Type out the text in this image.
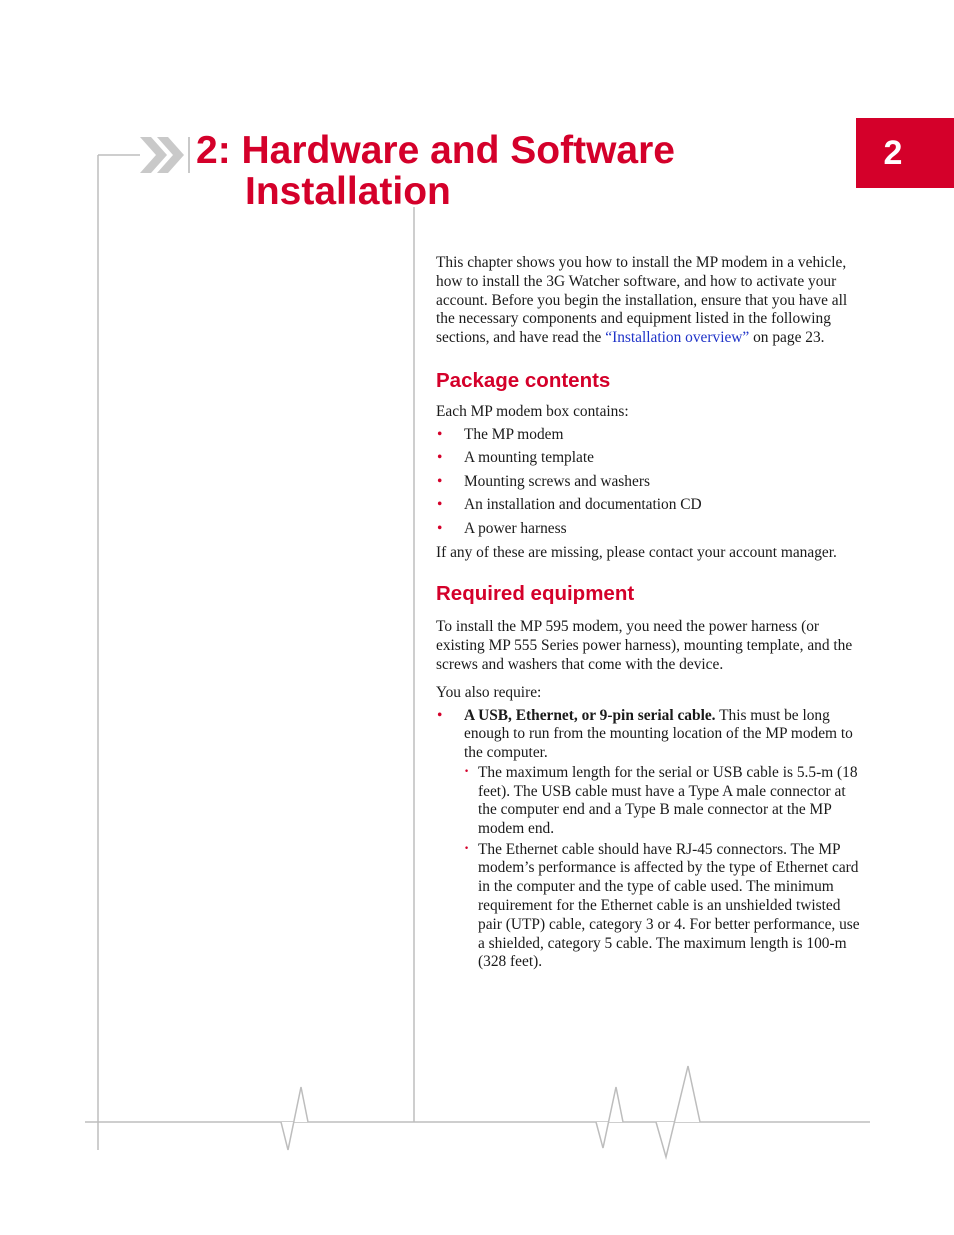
2
2: Hardware and Software
Installation

This chapter shows you how to install the MP modem in a vehicle, how to install the 3G Watcher software, and how to activate your account. Before you begin the installation, ensure that you have all the necessary components and equipment listed in the following sections, and have read the “Installation overview” on page 23.

Package contents

Each MP modem box contains:

• The MP modem
• A mounting template
• Mounting screws and washers
• An installation and documentation CD
• A power harness

If any of these are missing, please contact your account manager.

Required equipment

To install the MP 595 modem, you need the power harness (or existing MP 555 Series power harness), mounting template, and the screws and washers that come with the device.

You also require:

• A USB, Ethernet, or 9-pin serial cable. This must be long enough to run from the mounting location of the MP modem to the computer.
· The maximum length for the serial or USB cable is 5.5-m (18 feet). The USB cable must have a Type A male connector at the computer end and a Type B male connector at the MP modem end.
· The Ethernet cable should have RJ-45 connectors. The MP modem’s performance is affected by the type of Ethernet card in the computer and the type of cable used. The minimum requirement for the Ethernet cable is an unshielded twisted pair (UTP) cable, category 3 or 4. For better performance, use a shielded, category 5 cable. The maximum length is 100-m (328 feet).
